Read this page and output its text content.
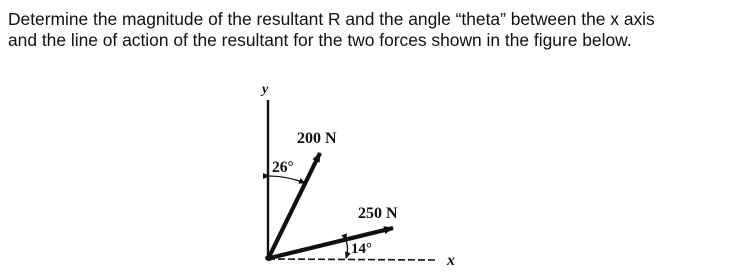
Determine the magnitude of the resultant R and the angle “theta” between the x axis
and the line of action of the resultant for the two forces shown in the figure below.

y
x
200 N
26°
250 N
14°
